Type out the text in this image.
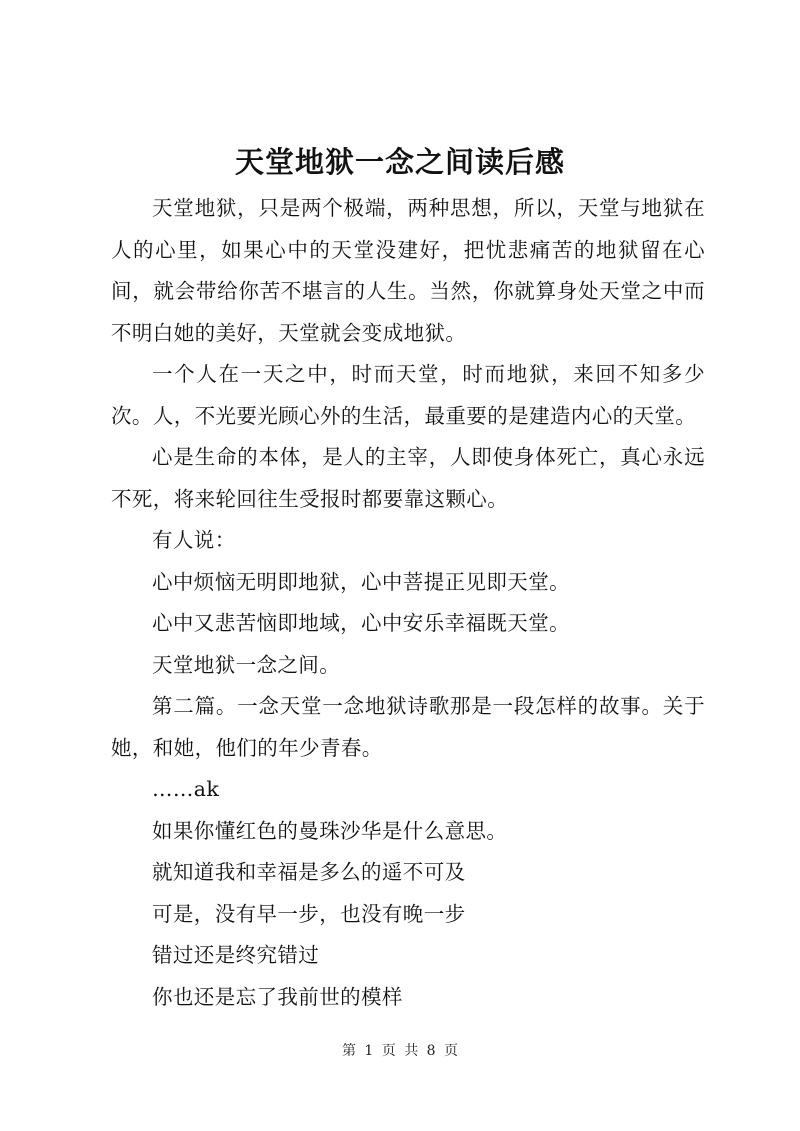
天堂地狱一念之间读后感

天堂地狱，只是两个极端，两种思想，所以，天堂与地狱在人的心里，如果心中的天堂没建好，把忧悲痛苦的地狱留在心间，就会带给你苦不堪言的人生。当然，你就算身处天堂之中而不明白她的美好，天堂就会变成地狱。

一个人在一天之中，时而天堂，时而地狱，来回不知多少次。人，不光要光顾心外的生活，最重要的是建造内心的天堂。

心是生命的本体，是人的主宰，人即使身体死亡，真心永远不死，将来轮回往生受报时都要靠这颗心。

有人说：

心中烦恼无明即地狱，心中菩提正见即天堂。

心中又悲苦恼即地域，心中安乐幸福既天堂。

天堂地狱一念之间。

第二篇。一念天堂一念地狱诗歌那是一段怎样的故事。关于她，和她，他们的年少青春。

……ak

如果你懂红色的曼珠沙华是什么意思。

就知道我和幸福是多么的遥不可及

可是，没有早一步，也没有晚一步

错过还是终究错过

你也还是忘了我前世的模样

第 1 页 共 8 页
